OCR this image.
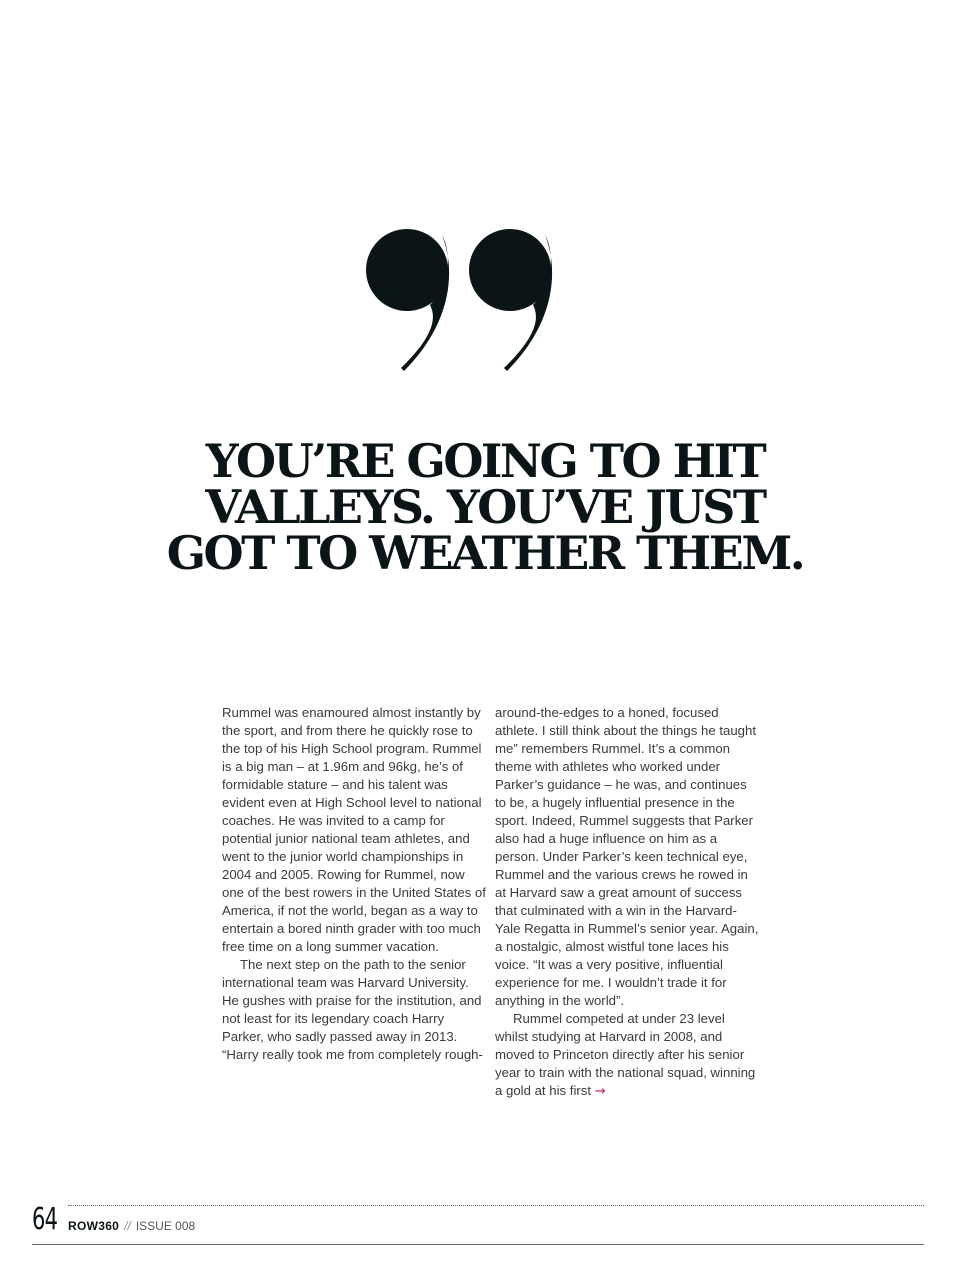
YOU’RE GOING TO HIT
VALLEYS. YOU’VE JUST
GOT TO WEATHER THEM.

Rummel was enamoured almost instantly by the sport, and from there he quickly rose to the top of his High School program. Rummel is a big man – at 1.96m and 96kg, he’s of formidable stature – and his talent was evident even at High School level to national coaches. He was invited to a camp for potential junior national team athletes, and went to the junior world championships in 2004 and 2005. Rowing for Rummel, now one of the best rowers in the United States of America, if not the world, began as a way to entertain a bored ninth grader with too much free time on a long summer vacation.

The next step on the path to the senior international team was Harvard University. He gushes with praise for the institution, and not least for its legendary coach Harry Parker, who sadly passed away in 2013. “Harry really took me from completely rough-

around-the-edges to a honed, focused athlete. I still think about the things he taught me” remembers Rummel. It’s a common theme with athletes who worked under Parker’s guidance – he was, and continues to be, a hugely influential presence in the sport. Indeed, Rummel suggests that Parker also had a huge influence on him as a person. Under Parker’s keen technical eye, Rummel and the various crews he rowed in at Harvard saw a great amount of success that culminated with a win in the Harvard-Yale Regatta in Rummel’s senior year. Again, a nostalgic, almost wistful tone laces his voice. “It was a very positive, influential experience for me. I wouldn’t trade it for anything in the world”.

Rummel competed at under 23 level whilst studying at Harvard in 2008, and moved to Princeton directly after his senior year to train with the national squad, winning a gold at his first →

64 ROW360 // ISSUE 008
